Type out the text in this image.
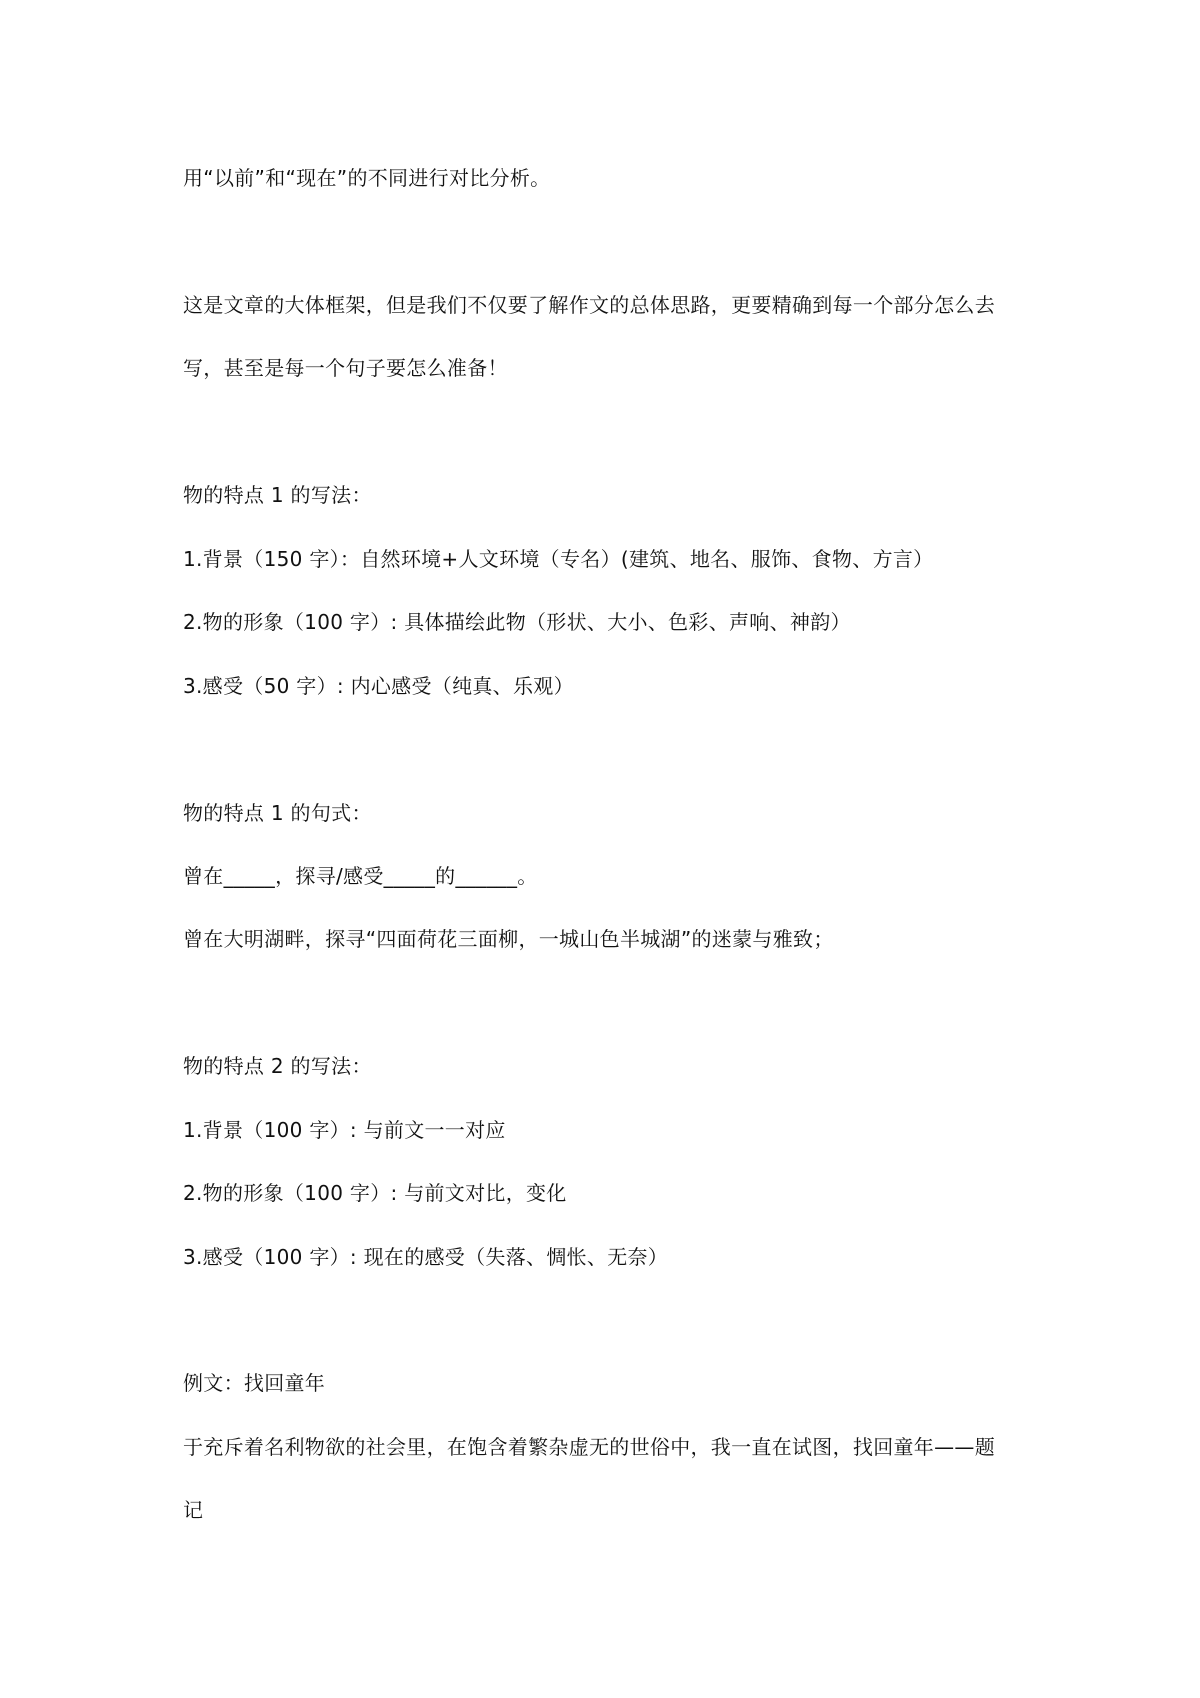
用“以前”和“现在”的不同进行对比分析。
这是文章的大体框架，但是我们不仅要了解作文的总体思路，更要精确到每一个部分怎么去
写，甚至是每一个句子要怎么准备！
物的特点 1 的写法：
1.背景（150 字）：自然环境+人文环境（专名）(建筑、地名、服饰、食物、方言）
2.物的形象（100 字）: 具体描绘此物（形状、大小、色彩、声响、神韵）
3.感受（50 字）: 内心感受（纯真、乐观）
物的特点 1 的句式：
曾在_____，探寻/感受_____的______。
曾在大明湖畔，探寻“四面荷花三面柳，一城山色半城湖”的迷蒙与雅致；
物的特点 2 的写法：
1.背景（100 字）: 与前文一一对应
2.物的形象（100 字）: 与前文对比，变化
3.感受（100 字）: 现在的感受（失落、惆怅、无奈）
例文：找回童年
于充斥着名利物欲的社会里，在饱含着繁杂虚无的世俗中，我一直在试图，找回童年——题
记
